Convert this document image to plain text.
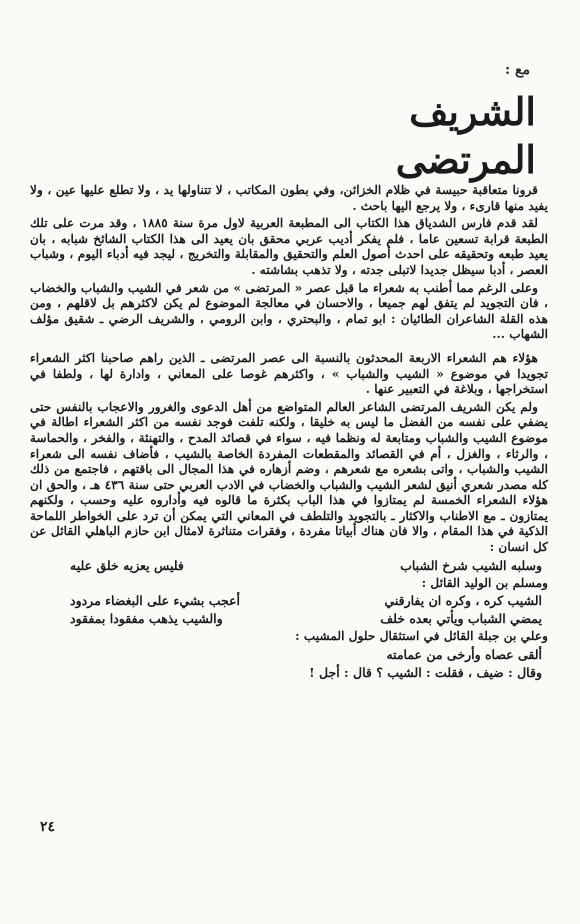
مع :
الشريف
المرتضى

قرونا متعاقبة حبيسة في ظلام الخزائن، وفي بطون المكاتب ، لا تتناولها يد ، ولا تطلع عليها عين ، ولا يفيد منها قارىء ، ولا يرجع اليها باحث .

لقد قدم فارس الشدياق هذا الكتاب الى المطبعة العربية لاول مرة سنة ١٨٨٥ ، وقد مرت على تلك الطبعة قرابة تسعين عاما ، فلم يفكر أديب عربي محقق بان يعيد الى هذا الكتاب الشائخ شبابه ، بان يعيد طبعه وتحقيقه على احدث أصول العلم والتحقيق والمقابلة والتخريج ، ليجد فيه أدباء اليوم ، وشباب العصر ، أدبا سيظل جديدا لاتبلى جدته ، ولا تذهب بشاشته .

وعلى الرغم مما أطنب به شعراء ما قبل عصر « المرتضى » من شعر في الشيب والشباب والخضاب ، فان التجويد لم يتفق لهم جميعا ، والاحسان في معالجة الموضوع لم يكن لاكثرهم بل لاقلهم ، ومن هذه القلة الشاعران الطائيان : ابو تمام ، والبحتري ، وابن الرومي ، والشريف الرضي ـ شقيق مؤلف الشهاب ...

هؤلاء هم الشعراء الاربعة المحدثون بالنسبة الى عصر المرتضى ـ الذين راهم صاحبنا اكثر الشعراء تجويدا في موضوع « الشيب والشباب » ، واكثرهم غوصا على المعاني ، وادارة لها ، ولطفا في استخراجها ، وبلاغة في التعبير عنها .

ولم يكن الشريف المرتضى الشاعر العالم المتواضع من أهل الدعوى والغرور والاعجاب بالنفس حتى يضفي على نفسه من الفضل ما ليس به خليقا ، ولكنه تلفت فوجد نفسه من اكثر الشعراء اطالة في موضوع الشيب والشباب ومتابعة له ونظما فيه ، سواء في قصائد المدح ، والتهنئة ، والفخر ، والحماسة ، والرثاء ، والغزل ، أم في القصائد والمقطعات المفردة الخاصة بالشيب ، فأضاف نفسه الى شعراء الشيب والشباب ، واتى بشعره مع شعرهم ، وضم أزهاره في هذا المجال الى باقتهم ، فاجتمع من ذلك كله مصدر شعري أنيق لشعر الشيب والشباب والخضاب في الادب العربي حتى سنة ٤٣٦ هـ ، والحق ان هؤلاء الشعراء الخمسة لم يمتازوا في هذا الباب بكثرة ما قالوه فيه وأداروه عليه وحسب ، ولكنهم يمتازون ـ مع الاطناب والاكثار ـ بالتجويد والتلطف في المعاني التي يمكن أن ترد على الخواطر اللماحة الذكية في هذا المقام ، والا فان هناك أبياتا مفردة ، وفقرات متناثرة لامثال ابن حازم الباهلي القائل عن كل انسان :

وسلبه الشيب شرخ الشباب
فليس يعزيه خلق عليه
ومسلم بن الوليد القائل :
الشيب كره ، وكره ان يفارقني
أعجب بشيء على البغضاء مردود
يمضي الشباب ويأتي بعده خلف
والشيب يذهب مفقودا بمفقود
وعلي بن جبلة القائل في استثقال حلول المشيب :
ألقى عصاه وأرخى من عمامته
وقال : ضيف ، فقلت : الشيب ؟ قال : أجل !
٢٤
